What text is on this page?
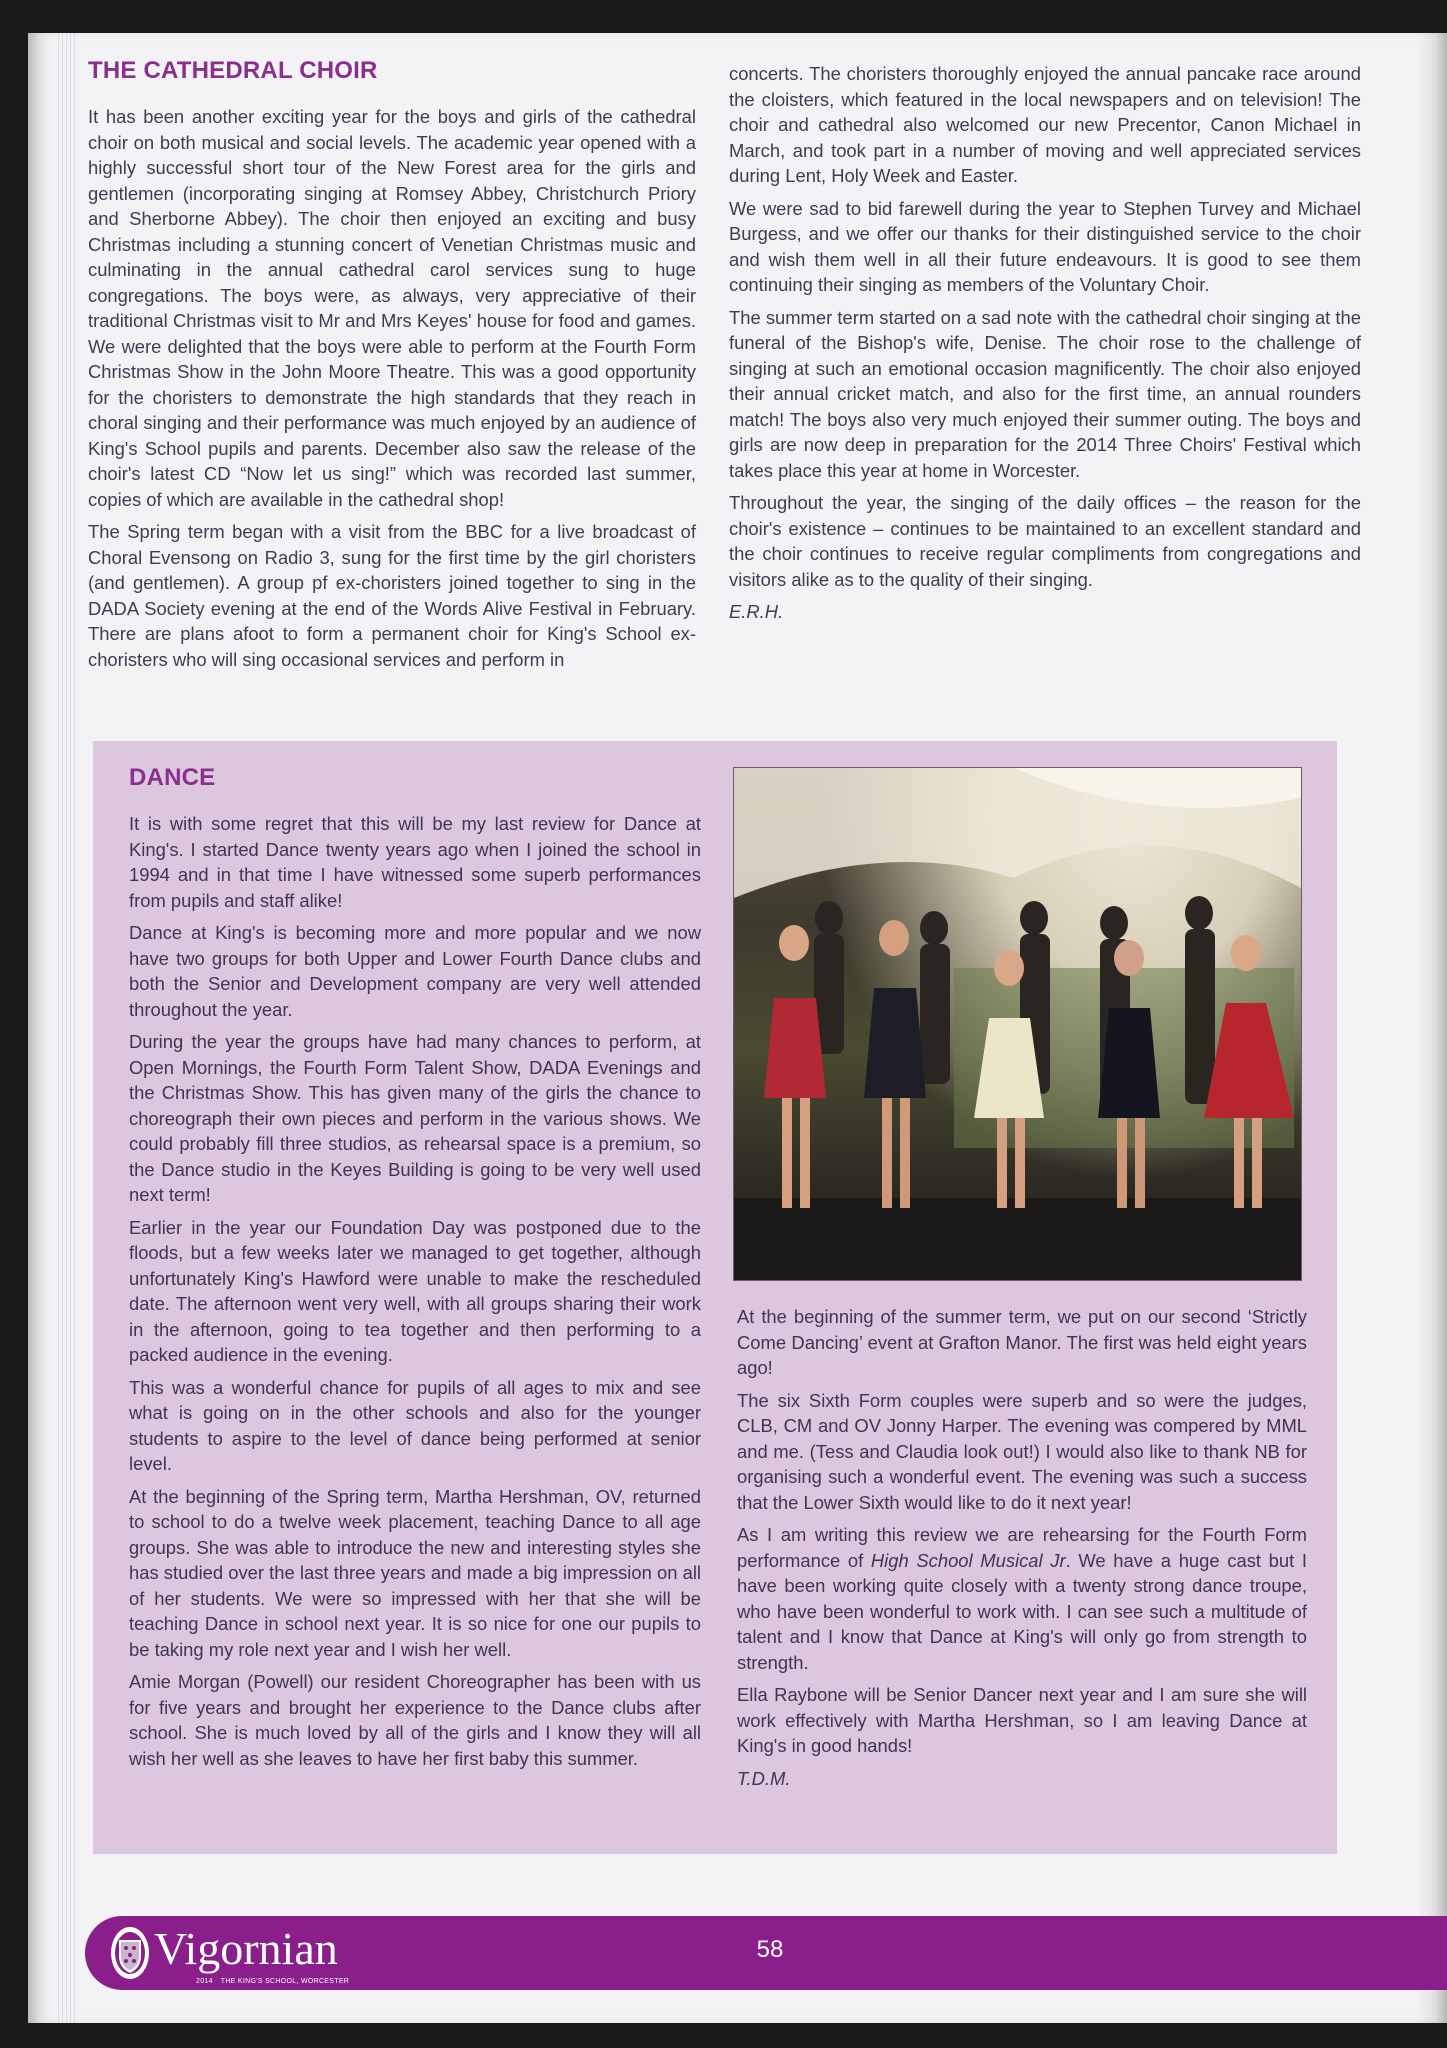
THE CATHEDRAL CHOIR

It has been another exciting year for the boys and girls of the cathedral choir on both musical and social levels. The academic year opened with a highly successful short tour of the New Forest area for the girls and gentlemen (incorporating singing at Romsey Abbey, Christchurch Priory and Sherborne Abbey). The choir then enjoyed an exciting and busy Christmas including a stunning concert of Venetian Christmas music and culminating in the annual cathedral carol services sung to huge congregations. The boys were, as always, very appreciative of their traditional Christmas visit to Mr and Mrs Keyes' house for food and games. We were delighted that the boys were able to perform at the Fourth Form Christmas Show in the John Moore Theatre. This was a good opportunity for the choristers to demonstrate the high standards that they reach in choral singing and their performance was much enjoyed by an audience of King's School pupils and parents. December also saw the release of the choir's latest CD “Now let us sing!” which was recorded last summer, copies of which are available in the cathedral shop!

The Spring term began with a visit from the BBC for a live broadcast of Choral Evensong on Radio 3, sung for the first time by the girl choristers (and gentlemen). A group pf ex-choristers joined together to sing in the DADA Society evening at the end of the Words Alive Festival in February. There are plans afoot to form a permanent choir for King's School ex-choristers who will sing occasional services and perform in

concerts. The choristers thoroughly enjoyed the annual pancake race around the cloisters, which featured in the local newspapers and on television! The choir and cathedral also welcomed our new Precentor, Canon Michael in March, and took part in a number of moving and well appreciated services during Lent, Holy Week and Easter.

We were sad to bid farewell during the year to Stephen Turvey and Michael Burgess, and we offer our thanks for their distinguished service to the choir and wish them well in all their future endeavours. It is good to see them continuing their singing as members of the Voluntary Choir.

The summer term started on a sad note with the cathedral choir singing at the funeral of the Bishop's wife, Denise. The choir rose to the challenge of singing at such an emotional occasion magnificently. The choir also enjoyed their annual cricket match, and also for the first time, an annual rounders match! The boys also very much enjoyed their summer outing. The boys and girls are now deep in preparation for the 2014 Three Choirs' Festival which takes place this year at home in Worcester.

Throughout the year, the singing of the daily offices – the reason for the choir's existence – continues to be maintained to an excellent standard and the choir continues to receive regular compliments from congregations and visitors alike as to the quality of their singing.

E.R.H.

DANCE

It is with some regret that this will be my last review for Dance at King's. I started Dance twenty years ago when I joined the school in 1994 and in that time I have witnessed some superb performances from pupils and staff alike!

Dance at King's is becoming more and more popular and we now have two groups for both Upper and Lower Fourth Dance clubs and both the Senior and Development company are very well attended throughout the year.

During the year the groups have had many chances to perform, at Open Mornings, the Fourth Form Talent Show, DADA Evenings and the Christmas Show. This has given many of the girls the chance to choreograph their own pieces and perform in the various shows. We could probably fill three studios, as rehearsal space is a premium, so the Dance studio in the Keyes Building is going to be very well used next term!

Earlier in the year our Foundation Day was postponed due to the floods, but a few weeks later we managed to get together, although unfortunately King's Hawford were unable to make the rescheduled date. The afternoon went very well, with all groups sharing their work in the afternoon, going to tea together and then performing to a packed audience in the evening.

This was a wonderful chance for pupils of all ages to mix and see what is going on in the other schools and also for the younger students to aspire to the level of dance being performed at senior level.

At the beginning of the Spring term, Martha Hershman, OV, returned to school to do a twelve week placement, teaching Dance to all age groups. She was able to introduce the new and interesting styles she has studied over the last three years and made a big impression on all of her students. We were so impressed with her that she will be teaching Dance in school next year. It is so nice for one our pupils to be taking my role next year and I wish her well.

Amie Morgan (Powell) our resident Choreographer has been with us for five years and brought her experience to the Dance clubs after school. She is much loved by all of the girls and I know they will all wish her well as she leaves to have her first baby this summer.

At the beginning of the summer term, we put on our second ‘Strictly Come Dancing’ event at Grafton Manor. The first was held eight years ago!

The six Sixth Form couples were superb and so were the judges, CLB, CM and OV Jonny Harper. The evening was compered by MML and me. (Tess and Claudia look out!) I would also like to thank NB for organising such a wonderful event. The evening was such a success that the Lower Sixth would like to do it next year!

As I am writing this review we are rehearsing for the Fourth Form performance of High School Musical Jr. We have a huge cast but I have been working quite closely with a twenty strong dance troupe, who have been wonderful to work with. I can see such a multitude of talent and I know that Dance at King's will only go from strength to strength.

Ella Raybone will be Senior Dancer next year and I am sure she will work effectively with Martha Hershman, so I am leaving Dance at King's in good hands!

T.D.M.

Vigornian
2014 THE KING'S SCHOOL, WORCESTER
58
